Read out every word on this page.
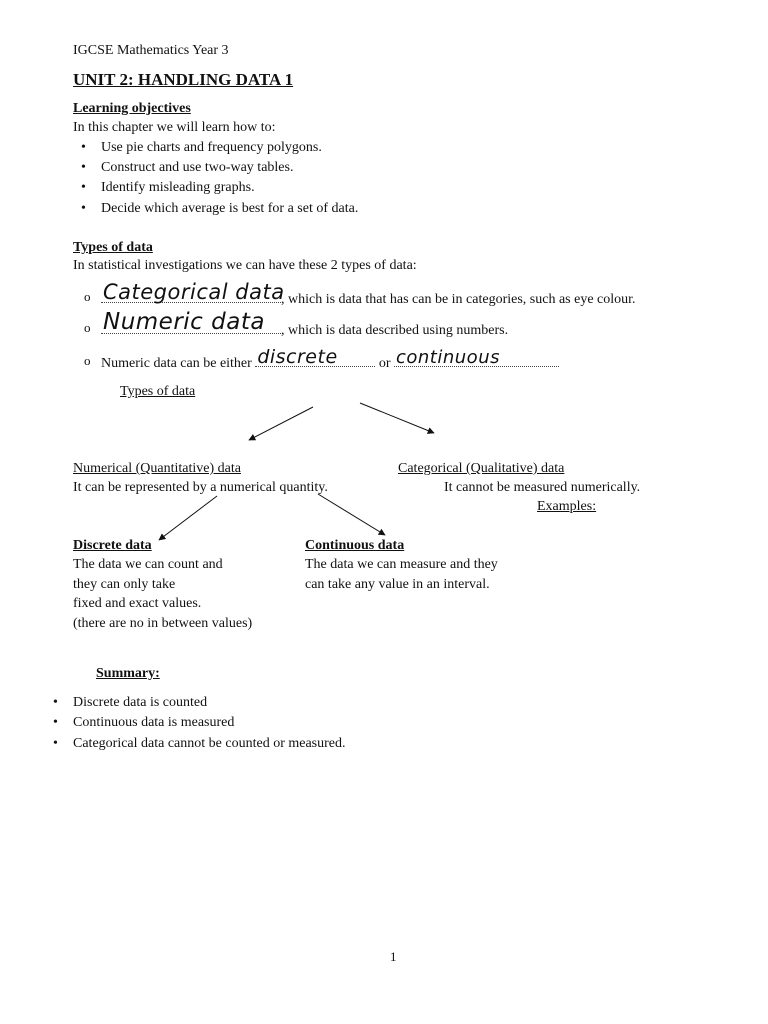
IGCSE Mathematics Year 3
UNIT 2: HANDLING DATA 1
Learning objectives
In this chapter we will learn how to:
• Use pie charts and frequency polygons.
• Construct and use two-way tables.
• Identify misleading graphs.
• Decide which average is best for a set of data.
Types of data
In statistical investigations we can have these 2 types of data:
o Categorical data
, which is data that has can be in categories, such as eye colour.
o Numeric data , which is data described using numbers.
o Numeric data can be either discrete	or continuous
Types of data
Numerical (Quantitative) data
It can be represented by a numerical quantity.
Categorical (Qualitative) data
It cannot be measured numerically.
Examples:
Discrete data
The data we can count and
they can only take
fixed and exact values.
(there are no in between values)
Continuous data
The data we can measure and they
can take any value in an interval.
Summary:
• Discrete data is counted
• Continuous data is measured
• Categorical data cannot be counted or measured.
1
